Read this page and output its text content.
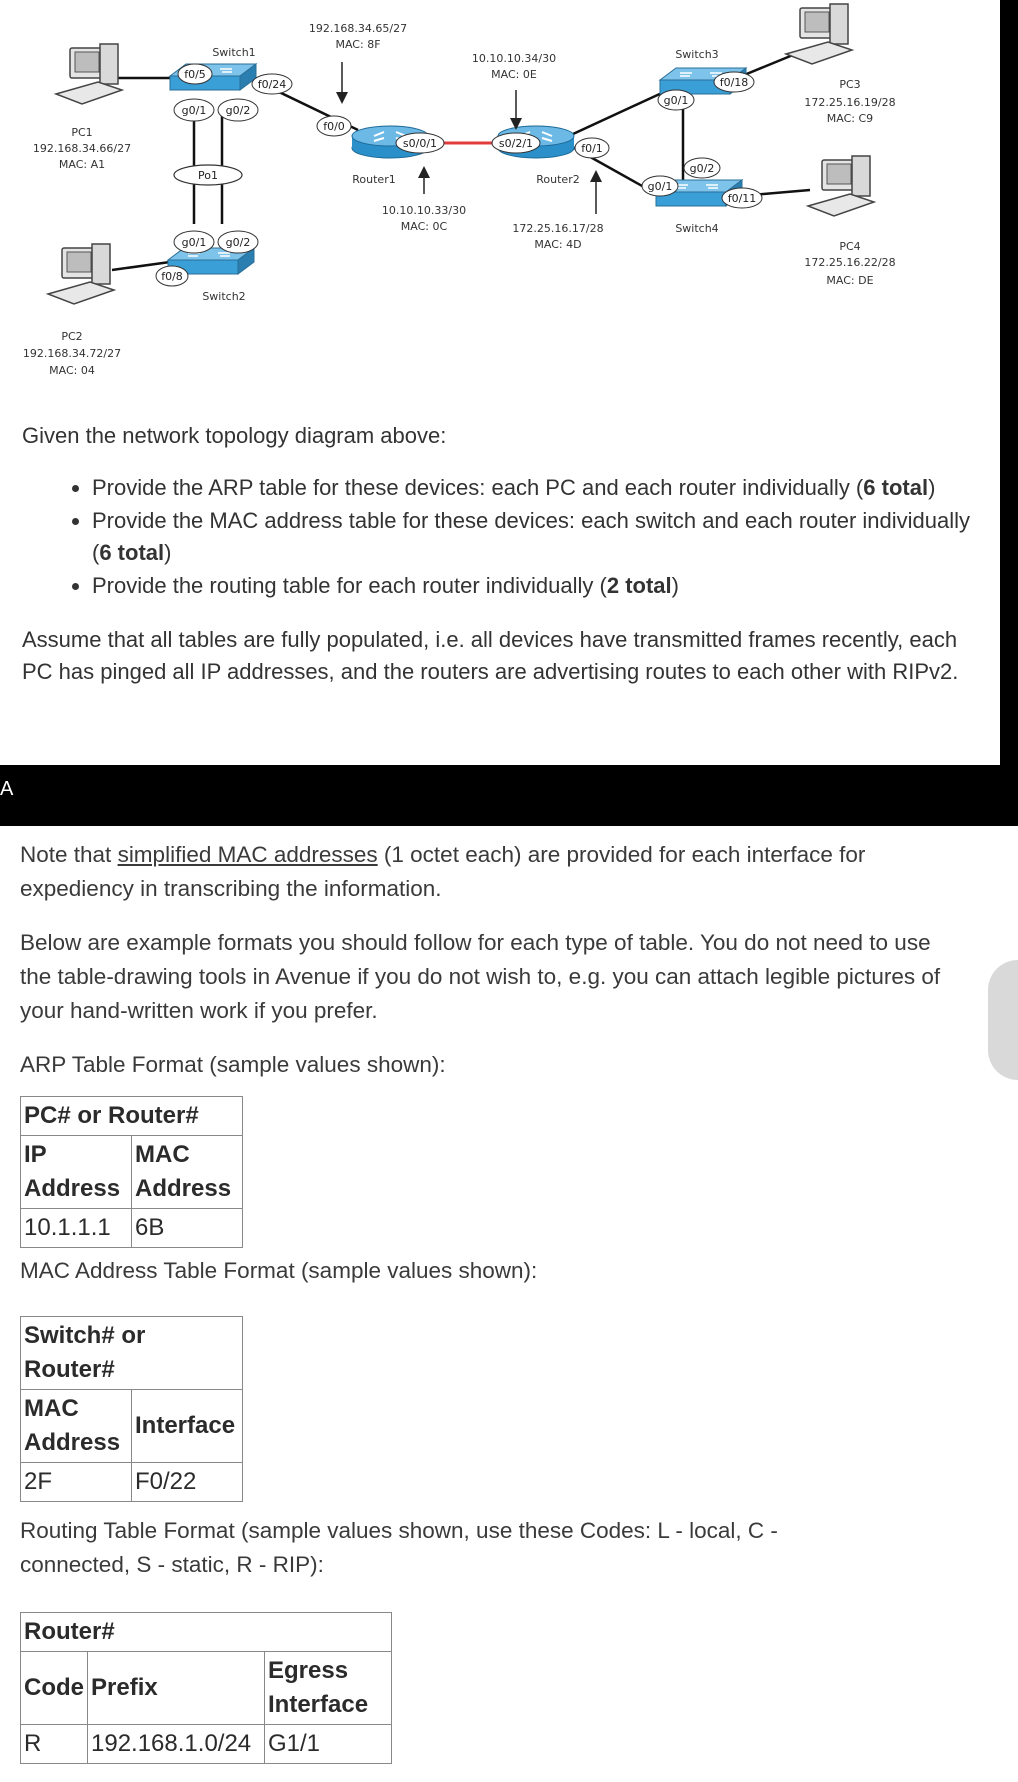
Po1
Switch1
Switch2
Switch3
Switch4
Router1	Router2
PC1
192.168.34.66/27
MAC: A1
PC2
192.168.34.72/27
MAC: 04
PC3
172.25.16.19/28
MAC: C9
PC4
172.25.16.22/28
MAC: DE
192.168.34.65/27
MAC: 8F
10.10.10.33/30
MAC: 0C
10.10.10.34/30
MAC: 0E
172.25.16.17/28
MAC: 4D
f0/5
f0/24
g0/1 g0/2
g0/1 g0/2
f0/8
f0/0
s0/0/1	s0/2/1	f0/1
f0/18
g0/1
g0/2
g0/1
f0/11

Given the network topology diagram above:

• Provide the ARP table for these devices: each PC and each router individually (6 total)
• Provide the MAC address table for these devices: each switch and each router individually (6 total)
• Provide the routing table for each router individually (2 total)

Assume that all tables are fully populated, i.e. all devices have transmitted frames recently, each PC has pinged all IP addresses, and the routers are advertising routes to each other with RIPv2.

A

Note that simplified MAC addresses (1 octet each) are provided for each interface for expediency in transcribing the information.

Below are example formats you should follow for each type of table. You do not need to use the table-drawing tools in Avenue if you do not wish to, e.g. you can attach legible pictures of your hand-written work if you prefer.

ARP Table Format (sample values shown):

PC# or Router#	
IP Address	MAC Address
10.1.1.1	6B

MAC Address Table Format (sample values shown):

Switch# or Router#	
MAC Address	Interface
2F	F0/22

Routing Table Format (sample values shown, use these Codes: L - local, C - connected, S - static, R - RIP):

Router#		
Code	Prefix	Egress Interface
R	192.168.1.0/24	G1/1
